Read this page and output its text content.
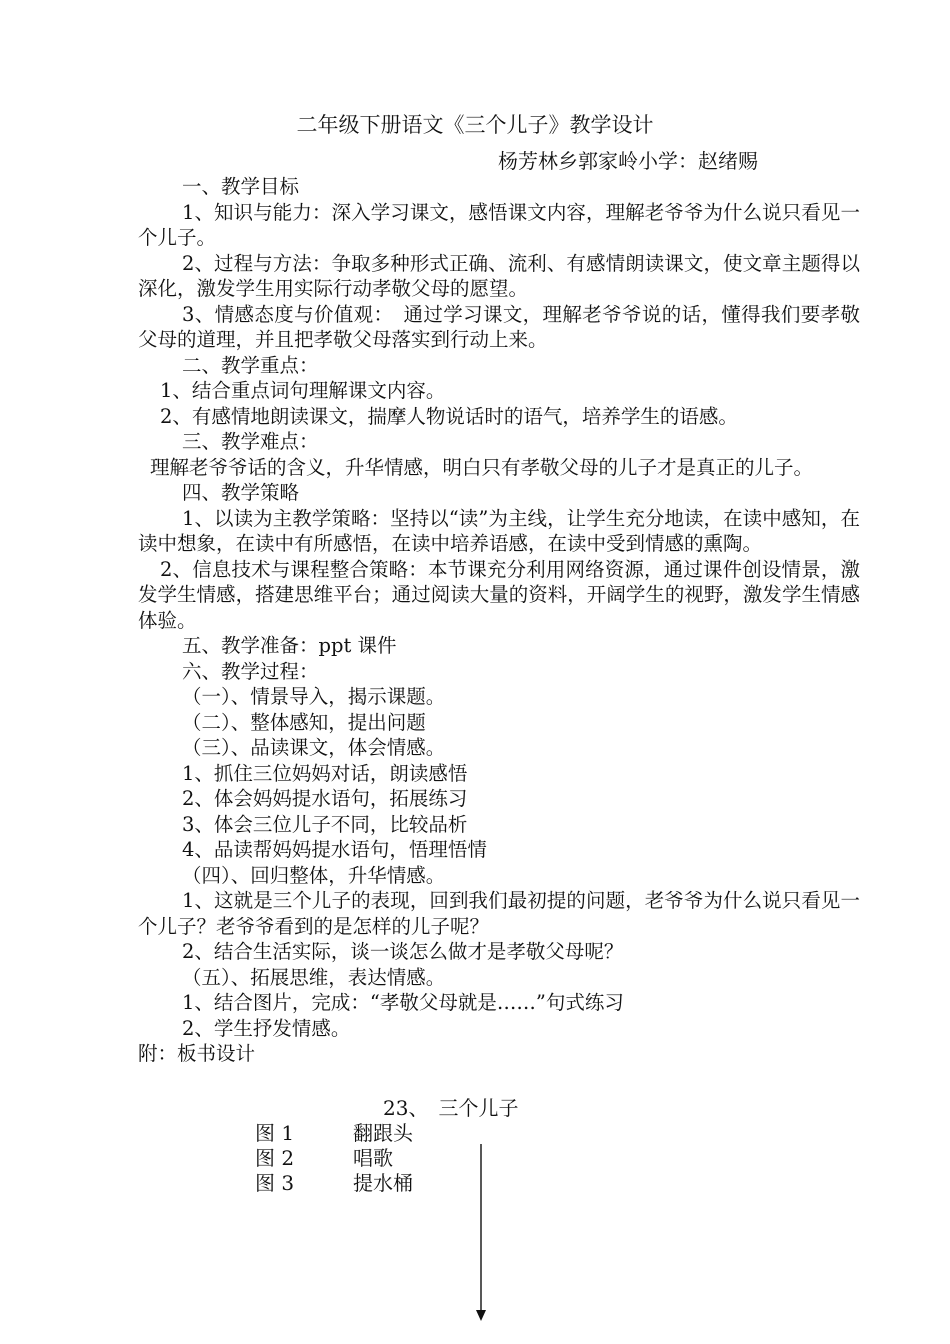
二年级下册语文《三个儿子》教学设计
杨芳林乡郭家岭小学：赵绪赐

一、教学目标

1、知识与能力：深入学习课文，感悟课文内容，理解老爷爷为什么说只看见一个儿子。

2、过程与方法：争取多种形式正确、流利、有感情朗读课文，使文章主题得以深化，激发学生用实际行动孝敬父母的愿望。

3、情感态度与价值观：　通过学习课文，理解老爷爷说的话，懂得我们要孝敬父母的道理，并且把孝敬父母落实到行动上来。

二、教学重点：

1、结合重点词句理解课文内容。

2、有感情地朗读课文，揣摩人物说话时的语气，培养学生的语感。

三、教学难点：

理解老爷爷话的含义，升华情感，明白只有孝敬父母的儿子才是真正的儿子。

四、教学策略

1、以读为主教学策略：坚持以“读”为主线，让学生充分地读，在读中感知，在读中想象，在读中有所感悟，在读中培养语感，在读中受到情感的熏陶。

2、信息技术与课程整合策略：本节课充分利用网络资源，通过课件创设情景，激发学生情感，搭建思维平台；通过阅读大量的资料，开阔学生的视野，激发学生情感体验。

五、教学准备：ppt 课件

六、教学过程：

（一）、情景导入，揭示课题。

（二）、整体感知，提出问题

（三）、品读课文，体会情感。

1、抓住三位妈妈对话，朗读感悟

2、体会妈妈提水语句，拓展练习

3、体会三位儿子不同，比较品析

4、品读帮妈妈提水语句，悟理悟情

（四）、回归整体，升华情感。

1、这就是三个儿子的表现，回到我们最初提的问题，老爷爷为什么说只看见一个儿子？老爷爷看到的是怎样的儿子呢？

2、结合生活实际，谈一谈怎么做才是孝敬父母呢？

（五）、拓展思维，表达情感。

1、结合图片，完成：“孝敬父母就是……”句式练习

2、学生抒发情感。

附：板书设计

23、　三个儿子
图 1	翻跟头
图 2	唱歌
图 3	提水桶
